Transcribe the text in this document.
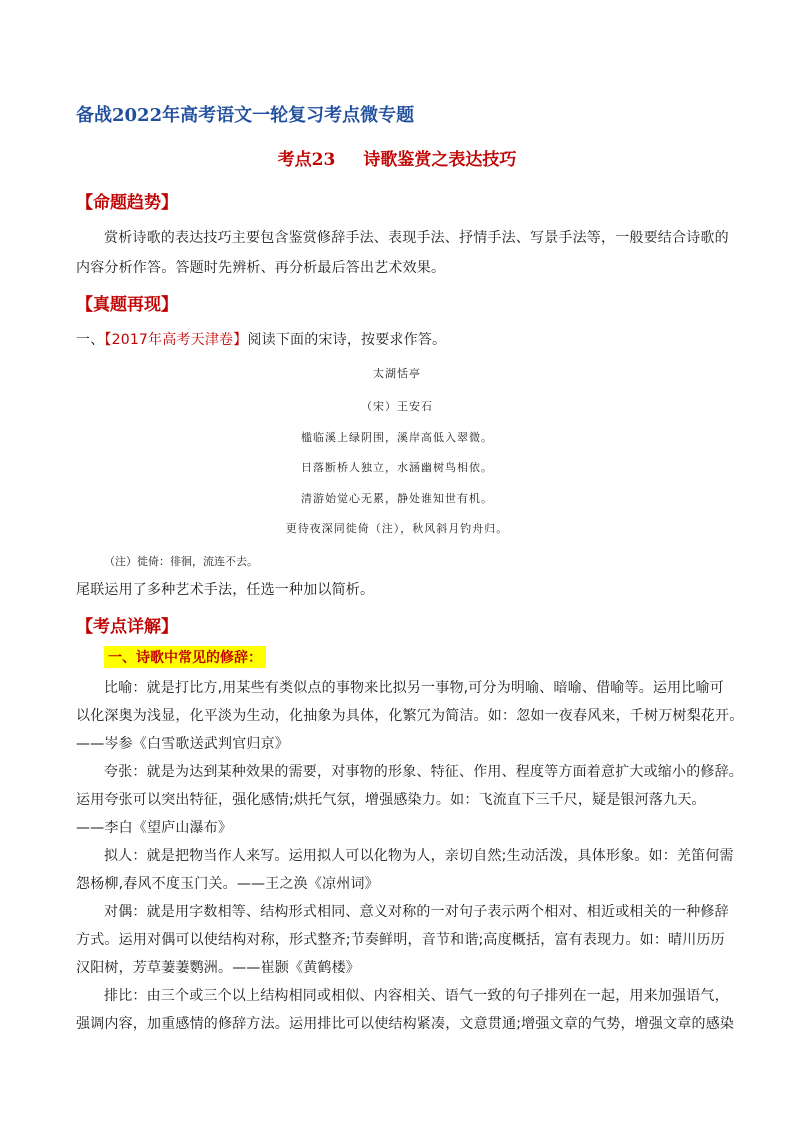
备战2022年高考语文一轮复习考点微专题

考点23 诗歌鉴赏之表达技巧

【命题趋势】

赏析诗歌的表达技巧主要包含鉴赏修辞手法、表现手法、抒情手法、写景手法等，一般要结合诗歌的

内容分析作答。答题时先辨析、再分析最后答出艺术效果。

【真题再现】

一、【2017年高考天津卷】阅读下面的宋诗，按要求作答。

太湖恬亭

（宋）王安石

槛临溪上绿阴围，溪岸高低入翠微。

日落断桥人独立，水涵幽树鸟相依。

清游始觉心无累，静处谁知世有机。

更待夜深同徙倚（注），秋风斜月钓舟归。

（注）徙倚：徘徊，流连不去。

尾联运用了多种艺术手法，任选一种加以简析。

【考点详解】

一、诗歌中常见的修辞：

比喻：就是打比方,用某些有类似点的事物来比拟另一事物,可分为明喻、暗喻、借喻等。运用比喻可

以化深奥为浅显，化平淡为生动，化抽象为具体，化繁冗为简洁。如：忽如一夜春风来，千树万树梨花开。

——岑参《白雪歌送武判官归京》

夸张：就是为达到某种效果的需要，对事物的形象、特征、作用、程度等方面着意扩大或缩小的修辞。

运用夸张可以突出特征，强化感情;烘托气氛，增强感染力。如：飞流直下三千尺，疑是银河落九天。

——李白《望庐山瀑布》

拟人：就是把物当作人来写。运用拟人可以化物为人，亲切自然;生动活泼，具体形象。如：羌笛何需

怨杨柳,春风不度玉门关。——王之涣《凉州词》

对偶：就是用字数相等、结构形式相同、意义对称的一对句子表示两个相对、相近或相关的一种修辞

方式。运用对偶可以使结构对称，形式整齐;节奏鲜明，音节和谐;高度概括，富有表现力。如：晴川历历

汉阳树，芳草萋萋鹦洲。——崔颢《黄鹤楼》

排比：由三个或三个以上结构相同或相似、内容相关、语气一致的句子排列在一起，用来加强语气，

强调内容，加重感情的修辞方法。运用排比可以使结构紧凑，文意贯通;增强文章的气势，增强文章的感染
